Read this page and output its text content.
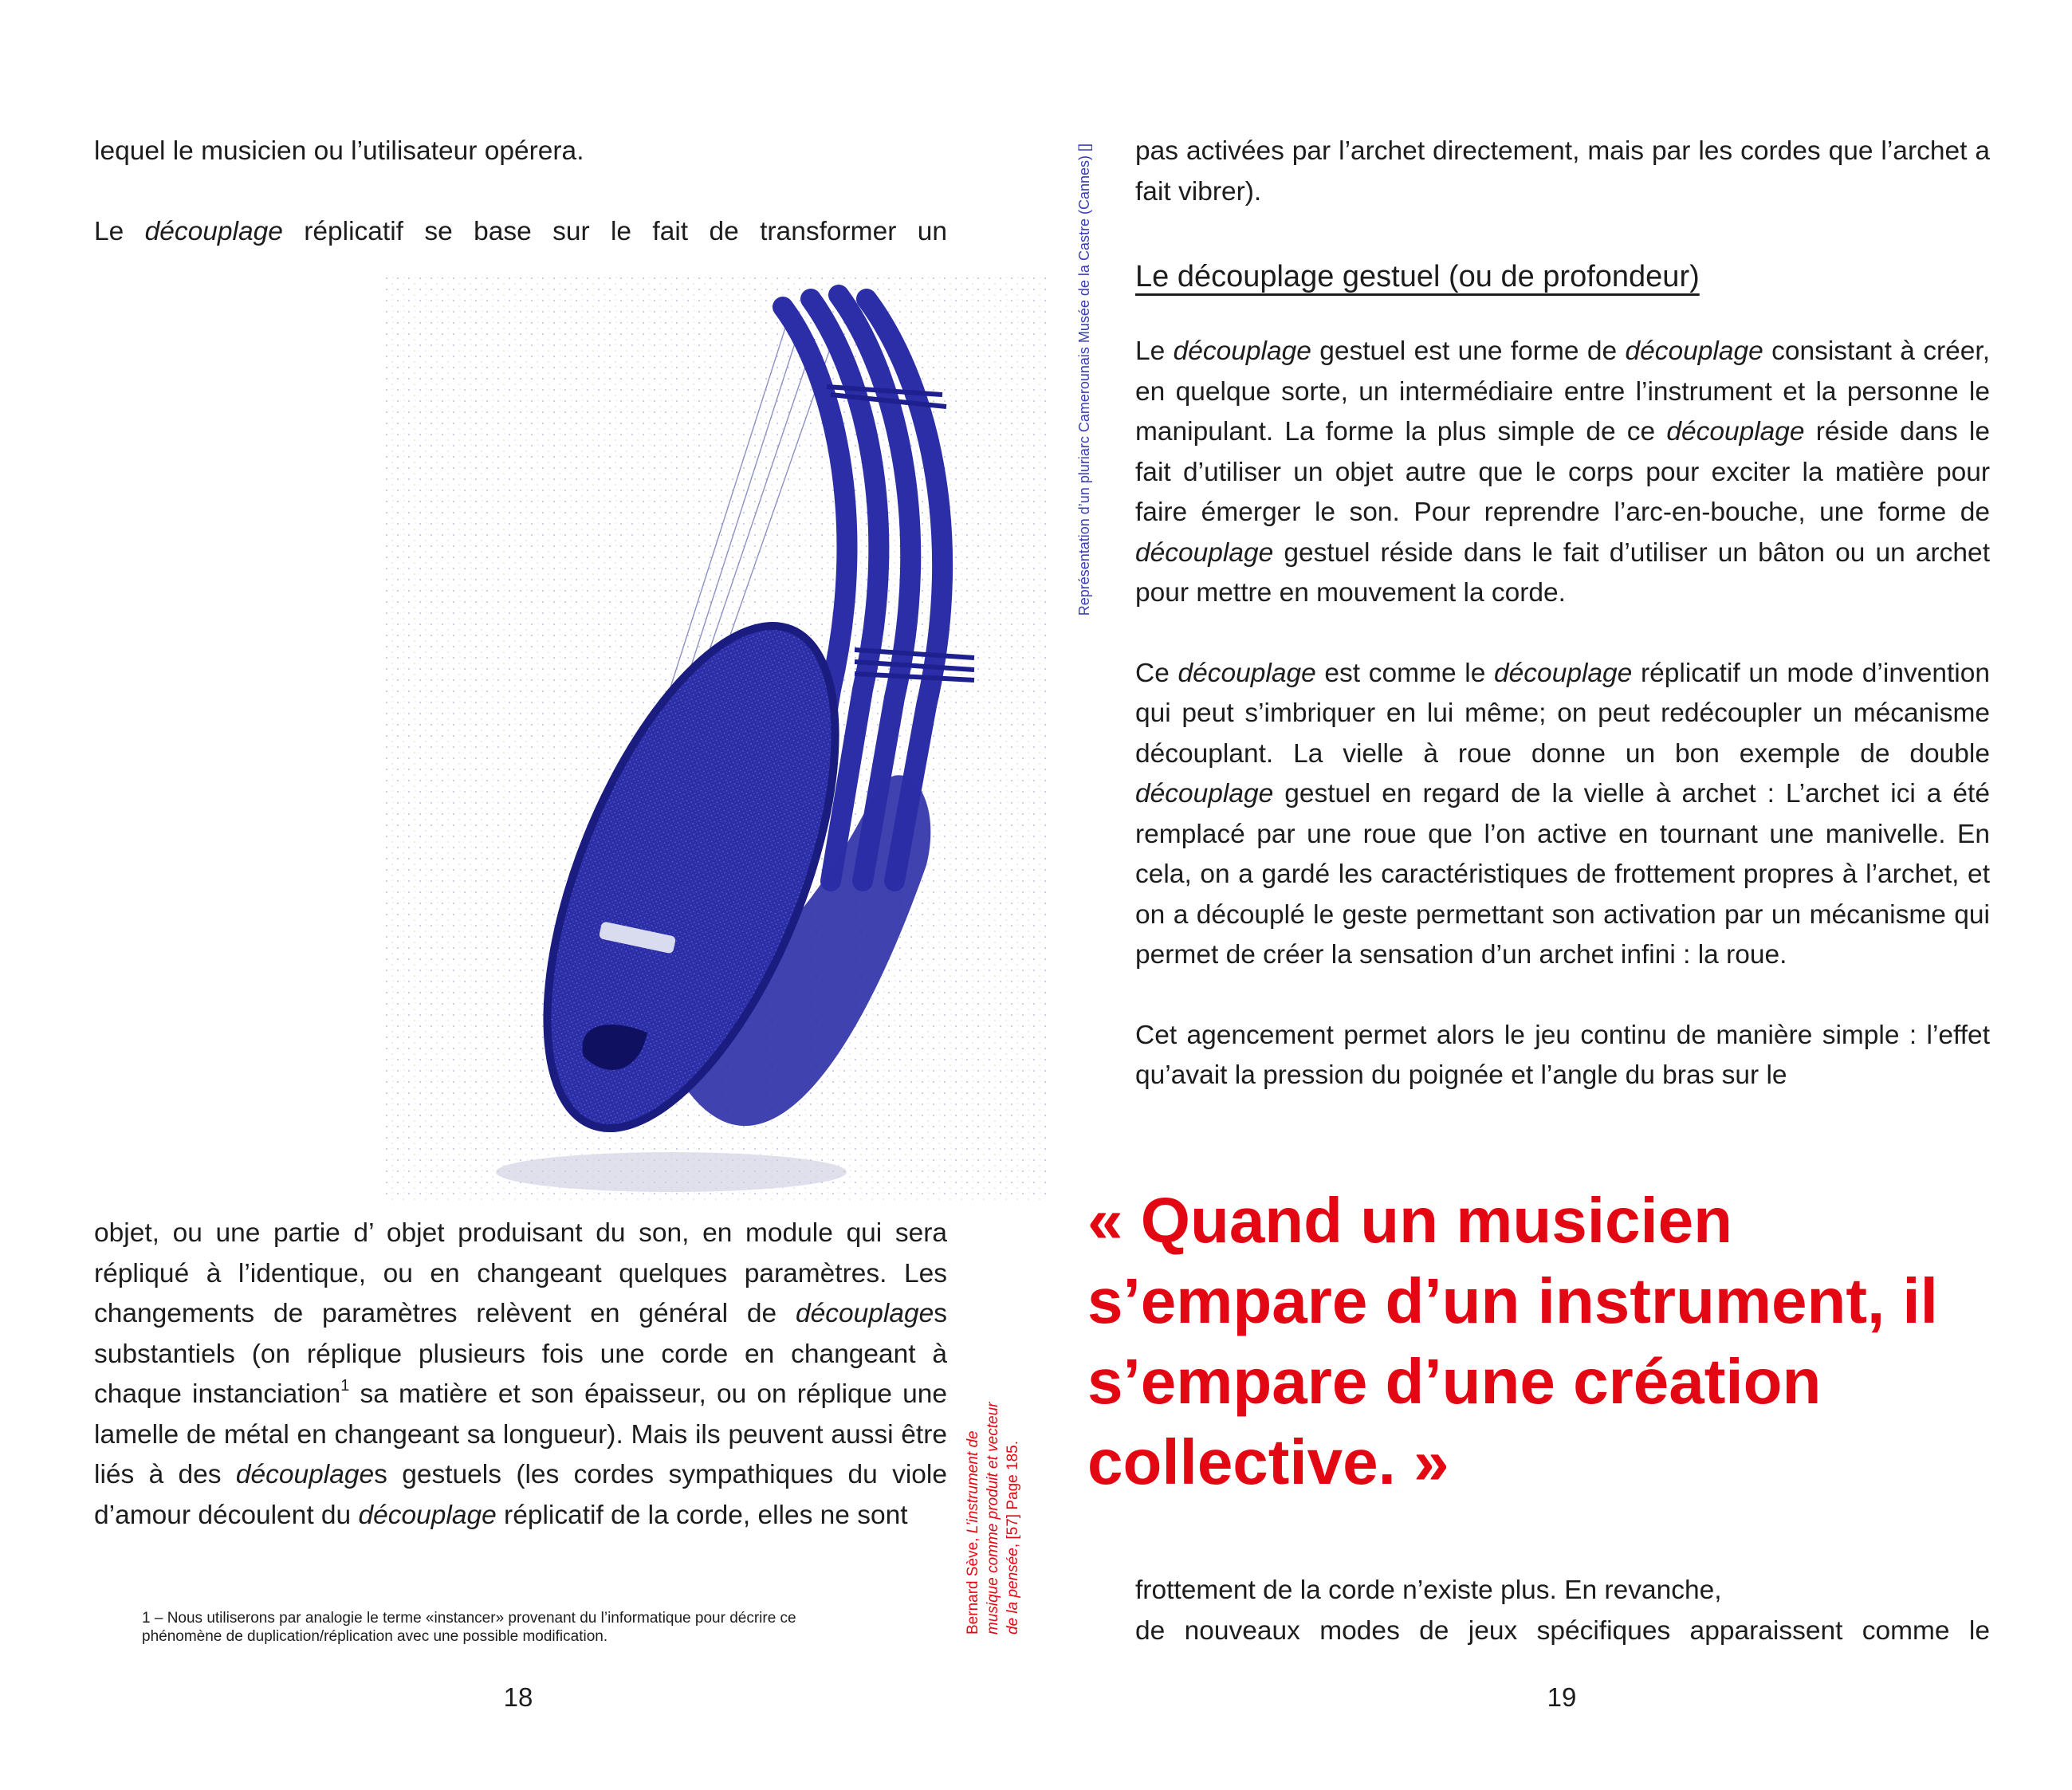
lequel le musicien ou l’utilisateur opérera.

Le découplage réplicatif se base sur le fait de transformer un

objet, ou une partie d’ objet produisant du son, en module qui sera répliqué à l’identique, ou en changeant quelques paramètres. Les changements de paramètres relèvent en général de découplages substantiels (on réplique plusieurs fois une corde en changeant à chaque instanciation$^1$ sa matière et son épaisseur, ou on réplique une lamelle de métal en changeant sa longueur). Mais ils peuvent aussi être liés à des découplages gestuels (les cordes sympathiques du viole d’amour découlent du découplage réplicatif de la corde, elles ne sont

1 – Nous utiliserons par analogie le terme «instancer» provenant du l’informatique pour décrire ce phénomène de duplication/réplication avec une possible modification.
Bernard Sève, L’instrument de musique comme produit et vecteur de la pensée, [57] Page 185.
18
Représentation d’un pluriarc Camerounais Musée de la Castre (Cannes) [] pas activées par l’archet directement, mais par les cordes que l’archet a fait vibrer).

Le découplage gestuel (ou de profondeur)

Le découplage gestuel est une forme de découplage consistant à créer, en quelque sorte, un intermédiaire entre l’instrument et la personne le manipulant. La forme la plus simple de ce découplage réside dans le fait d’utiliser un objet autre que le corps pour exciter la matière pour faire émerger le son. Pour reprendre l’arc-en-bouche, une forme de découplage gestuel réside dans le fait d’utiliser un bâton ou un archet pour mettre en mouvement la corde.

Ce découplage est comme le découplage réplicatif un mode d’invention qui peut s’imbriquer en lui même; on peut redécoupler un mécanisme découplant. La vielle à roue donne un bon exemple de double découplage gestuel en regard de la vielle à archet : L’archet ici a été remplacé par une roue que l’on active en tournant une manivelle. En cela, on a gardé les caractéristiques de frottement propres à l’archet, et on a découplé le geste permettant son activation par un mécanisme qui permet de créer la sensation d’un archet infini : la roue.

Cet agencement permet alors le jeu continu de manière simple : l’effet qu’avait la pression du poignée et l’angle du bras sur le

« Quand un musicien s’empare d’un instrument, il s’empare d’une création collective. »

frottement de la corde n’existe plus. En revanche,

de nouveaux modes de jeux spécifiques apparaissent comme le

19
